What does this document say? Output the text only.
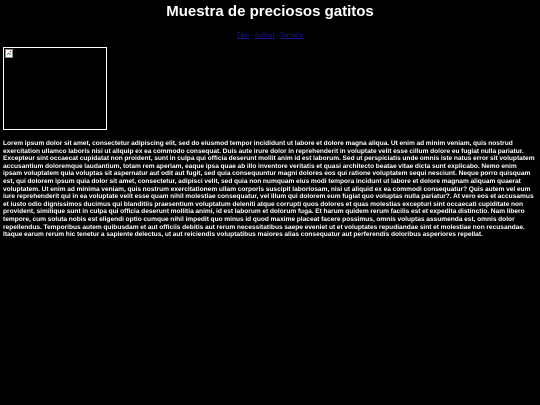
Muestra de preciosos gatitos
Tipo - Actitud - Tamaño

Lorem ipsum dolor sit amet, consectetur adipiscing elit, sed do eiusmod tempor incididunt ut labore et dolore magna aliqua. Ut enim ad minim veniam, quis nostrud exercitation ullamco laboris nisi ut aliquip ex ea commodo consequat. Duis aute irure dolor in reprehenderit in voluptate velit esse cillum dolore eu fugiat nulla pariatur. Excepteur sint occaecat cupidatat non proident, sunt in culpa qui officia deserunt mollit anim id est laborum. Sed ut perspiciatis unde omnis iste natus error sit voluptatem accusantium doloremque laudantium, totam rem aperiam, eaque ipsa quae ab illo inventore veritatis et quasi architecto beatae vitae dicta sunt explicabo. Nemo enim ipsam voluptatem quia voluptas sit aspernatur aut odit aut fugit, sed quia consequuntur magni dolores eos qui ratione voluptatem sequi nesciunt. Neque porro quisquam est, qui dolorem ipsum quia dolor sit amet, consectetur, adipisci velit, sed quia non numquam eius modi tempora incidunt ut labore et dolore magnam aliquam quaerat voluptatem. Ut enim ad minima veniam, quis nostrum exercitationem ullam corporis suscipit laboriosam, nisi ut aliquid ex ea commodi consequatur? Quis autem vel eum iure reprehenderit qui in ea voluptate velit esse quam nihil molestiae consequatur, vel illum qui dolorem eum fugiat quo voluptas nulla pariatur?. At vero eos et accusamus et iusto odio dignissimos ducimus qui blanditiis praesentium voluptatum deleniti atque corrupti quos dolores et quas molestias excepturi sint occaecati cupiditate non provident, similique sunt in culpa qui officia deserunt mollitia animi, id est laborum et dolorum fuga. Et harum quidem rerum facilis est et expedita distinctio. Nam libero tempore, cum soluta nobis est eligendi optio cumque nihil impedit quo minus id quod maxime placeat facere possimus, omnis voluptas assumenda est, omnis dolor repellendus. Temporibus autem quibusdam et aut officiis debitis aut rerum necessitatibus saepe eveniet ut et voluptates repudiandae sint et molestiae non recusandae. Itaque earum rerum hic tenetur a sapiente delectus, ut aut reiciendis voluptatibus maiores alias consequatur aut perferendis doloribus asperiores repellat.
